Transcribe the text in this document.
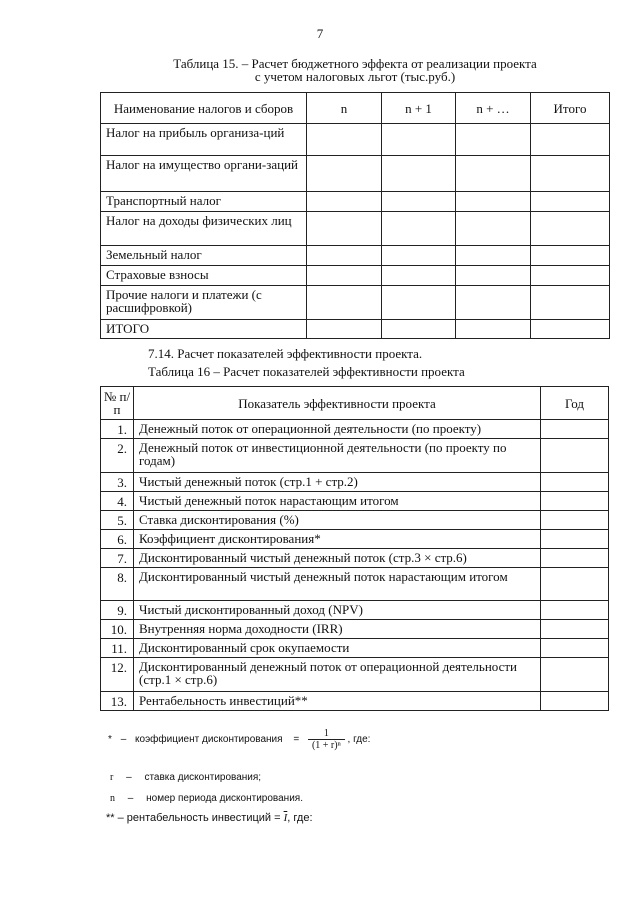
7
Таблица 15. – Расчет бюджетного эффекта от реализации проекта
с учетом налоговых льгот (тыс.руб.)
Наименование налогов и сборов	n	n + 1	n + …	Итого
Налог на прибыль организа-ций				
Налог на имущество органи-заций				
Транспортный налог				
Налог на доходы физических лиц				
Земельный налог				
Страховые взносы				
Прочие налоги и платежи (с расшифровкой)				
ИТОГО				
7.14. Расчет показателей эффективности проекта.
Таблица 16 – Расчет показателей эффективности проекта
№ п/п	Показатель эффективности проекта	Год
1.	Денежный поток от операционной деятельности (по проекту)	
2.	Денежный поток от инвестиционной деятельности (по проекту по годам)	
3.	Чистый денежный поток (стр.1 + стр.2)	
4.	Чистый денежный поток нарастающим итогом	
5.	Ставка дисконтирования (%)	
6.	Коэффициент дисконтирования*	
7.	Дисконтированный чистый денежный поток (стр.3 × стр.6)	
8.	Дисконтированный чистый денежный поток нарастающим итогом	
9.	Чистый дисконтированный доход (NPV)	
10.	Внутренняя норма доходности (IRR)	
11.	Дисконтированный срок окупаемости	
12.	Дисконтированный денежный поток от операционной деятельности (стр.1 × стр.6)	
13.	Рентабельность инвестиций**	
* – коэффициент дисконтирования = $\frac{1}{\text{(1 + r)ⁿ}}$ , где:
r – ставка дисконтирования;
n – номер периода дисконтирования.
** – рентабельность инвестиций = $\overline{I}$, где:
